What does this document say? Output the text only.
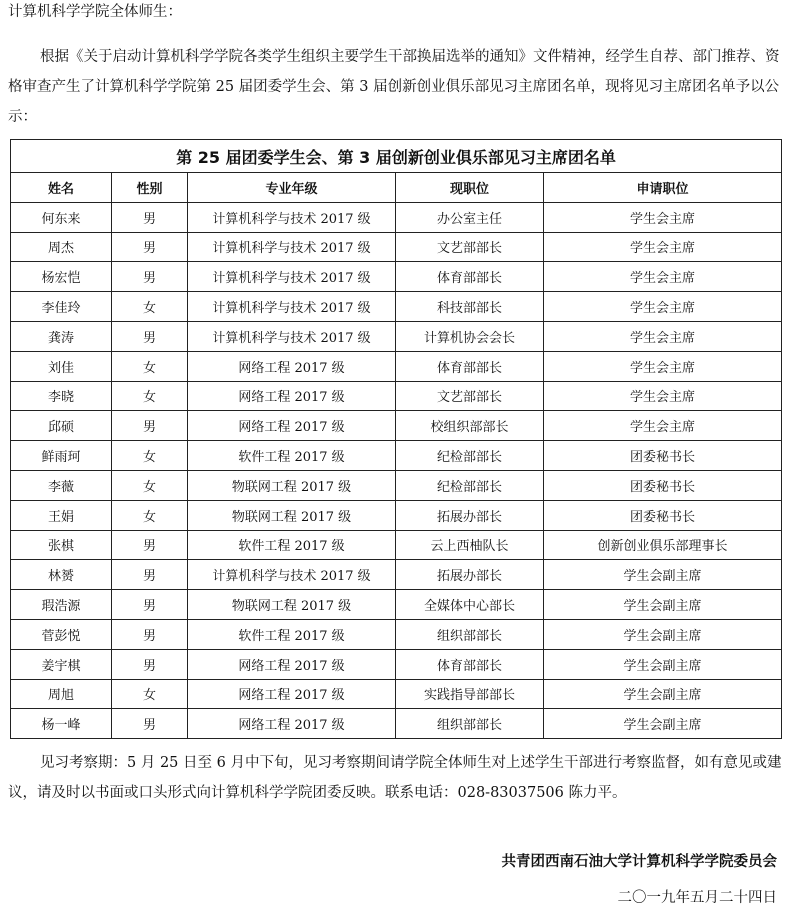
计算机科学学院全体师生：
根据《关于启动计算机科学学院各类学生组织主要学生干部换届选举的通知》文件精神，经学生自荐、部门推荐、资格审查产生了计算机科学学院第 25 届团委学生会、第 3 届创新创业俱乐部见习主席团名单，现将见习主席团名单予以公示：
第 25 届团委学生会、第 3 届创新创业俱乐部见习主席团名单				
姓名	性别	专业年级	现职位	申请职位
何东来	男	计算机科学与技术 2017 级	办公室主任	学生会主席
周杰	男	计算机科学与技术 2017 级	文艺部部长	学生会主席
杨宏恺	男	计算机科学与技术 2017 级	体育部部长	学生会主席
李佳玲	女	计算机科学与技术 2017 级	科技部部长	学生会主席
龚涛	男	计算机科学与技术 2017 级	计算机协会会长	学生会主席
刘佳	女	网络工程 2017 级	体育部部长	学生会主席
李晓	女	网络工程 2017 级	文艺部部长	学生会主席
邱硕	男	网络工程 2017 级	校组织部部长	学生会主席
鲜雨珂	女	软件工程 2017 级	纪检部部长	团委秘书长
李薇	女	物联网工程 2017 级	纪检部部长	团委秘书长
王娟	女	物联网工程 2017 级	拓展办部长	团委秘书长
张棋	男	软件工程 2017 级	云上西柚队长	创新创业俱乐部理事长
林赟	男	计算机科学与技术 2017 级	拓展办部长	学生会副主席
瑕浩源	男	物联网工程 2017 级	全媒体中心部长	学生会副主席
菅彭悦	男	软件工程 2017 级	组织部部长	学生会副主席
姜宇棋	男	网络工程 2017 级	体育部部长	学生会副主席
周旭	女	网络工程 2017 级	实践指导部部长	学生会副主席
杨一峰	男	网络工程 2017 级	组织部部长	学生会副主席
见习考察期：5 月 25 日至 6 月中下旬，见习考察期间请学院全体师生对上述学生干部进行考察监督，如有意见或建议，请及时以书面或口头形式向计算机科学学院团委反映。联系电话：028-83037506 陈力平。
共青团西南石油大学计算机科学学院委员会
二〇一九年五月二十四日
